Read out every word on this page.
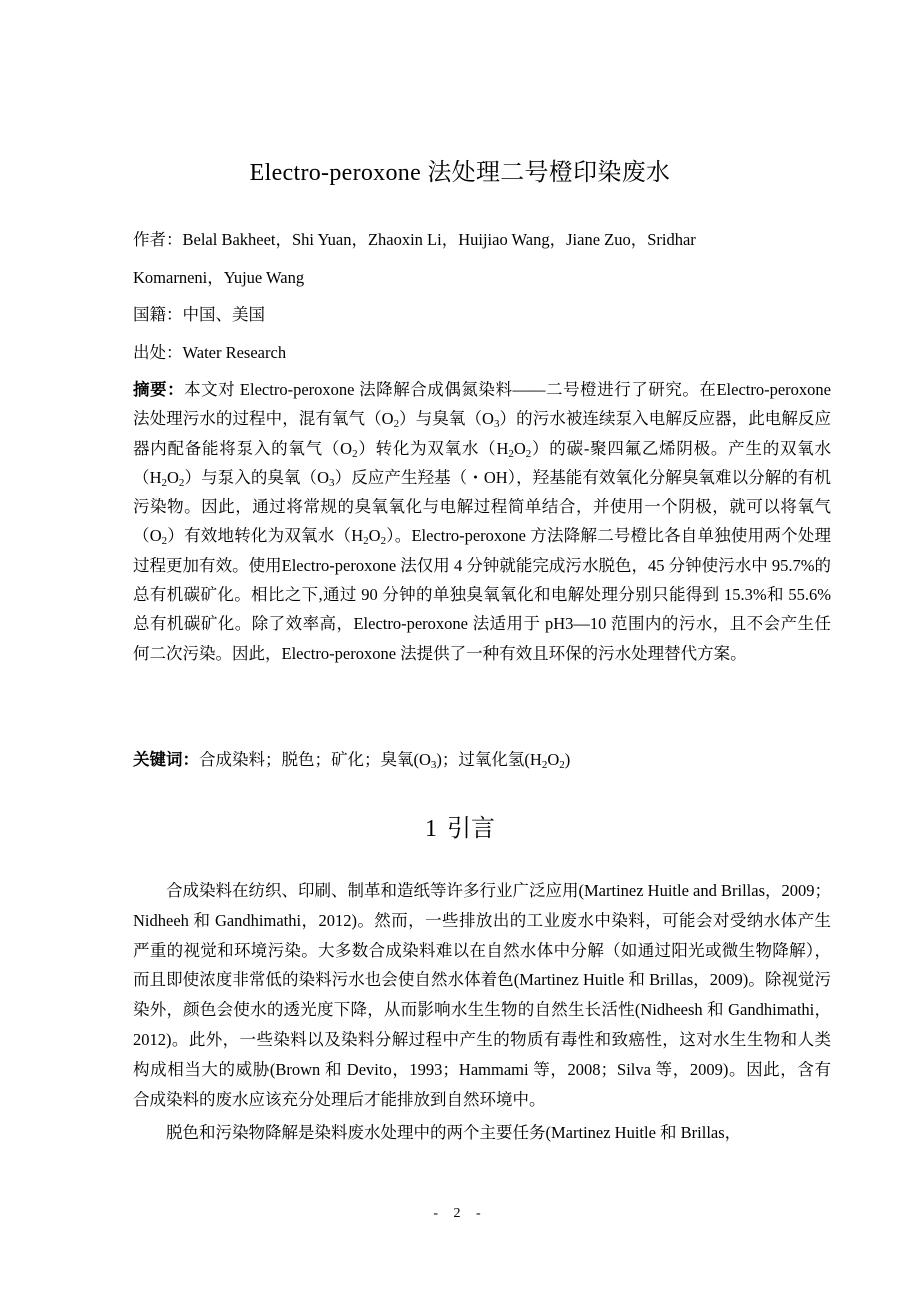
Electro-peroxone 法处理二号橙印染废水
作者：Belal Bakheet，Shi Yuan，Zhaoxin Li，Huijiao Wang，Jiane Zuo，Sridhar
Komarneni，Yujue Wang
国籍：中国、美国
出处：Water Research
摘要：本文对 Electro-peroxone 法降解合成偶氮染料——二号橙进行了研究。在Electro-peroxone 法处理污水的过程中，混有氧气$(O_2)$与臭氧$(O_3)$的污水被连续泵入电解反应器，此电解反应器内配备能将泵入的氧气$(O_2)$转化为双氧水$(H_2O_2)$的碳-聚四氟乙烯阴极。产生的双氧水$(H_2O_2)$与泵入的臭氧$(O_3)$反应产生羟基（・OH），羟基能有效氧化分解臭氧难以分解的有机污染物。因此，通过将常规的臭氧氧化与电解过程简单结合，并使用一个阴极，就可以将氧气$(O_2)$有效地转化为双氧水$(H_2O_2)$。Electro-peroxone 方法降解二号橙比各自单独使用两个处理过程更加有效。使用Electro-peroxone 法仅用 4 分钟就能完成污水脱色，45 分钟使污水中 95.7%的总有机碳矿化。相比之下,通过 90 分钟的单独臭氧氧化和电解处理分别只能得到 15.3%和 55.6% 总有机碳矿化。除了效率高，Electro-peroxone 法适用于 pH3—10 范围内的污水，且不会产生任何二次污染。因此，Electro-peroxone 法提供了一种有效且环保的污水处理替代方案。
关键词：合成染料；脱色；矿化；臭氧$(O_3)$；过氧化氢$(H_2O_2)$
1 引言

合成染料在纺织、印刷、制革和造纸等许多行业广泛应用(Martinez Huitle and Brillas，2009；Nidheeh 和 Gandhimathi，2012)。然而，一些排放出的工业废水中染料，可能会对受纳水体产生严重的视觉和环境污染。大多数合成染料难以在自然水体中分解（如通过阳光或微生物降解），而且即使浓度非常低的染料污水也会使自然水体着色(Martinez Huitle 和 Brillas，2009)。除视觉污染外，颜色会使水的透光度下降，从而影响水生生物的自然生长活性(Nidheesh 和 Gandhimathi，2012)。此外，一些染料以及染料分解过程中产生的物质有毒性和致癌性，这对水生生物和人类构成相当大的威胁(Brown 和 Devito，1993；Hammami 等，2008；Silva 等，2009)。因此，含有合成染料的废水应该充分处理后才能排放到自然环境中。

脱色和污染物降解是染料废水处理中的两个主要任务(Martinez Huitle 和 Brillas，

- 2 -
